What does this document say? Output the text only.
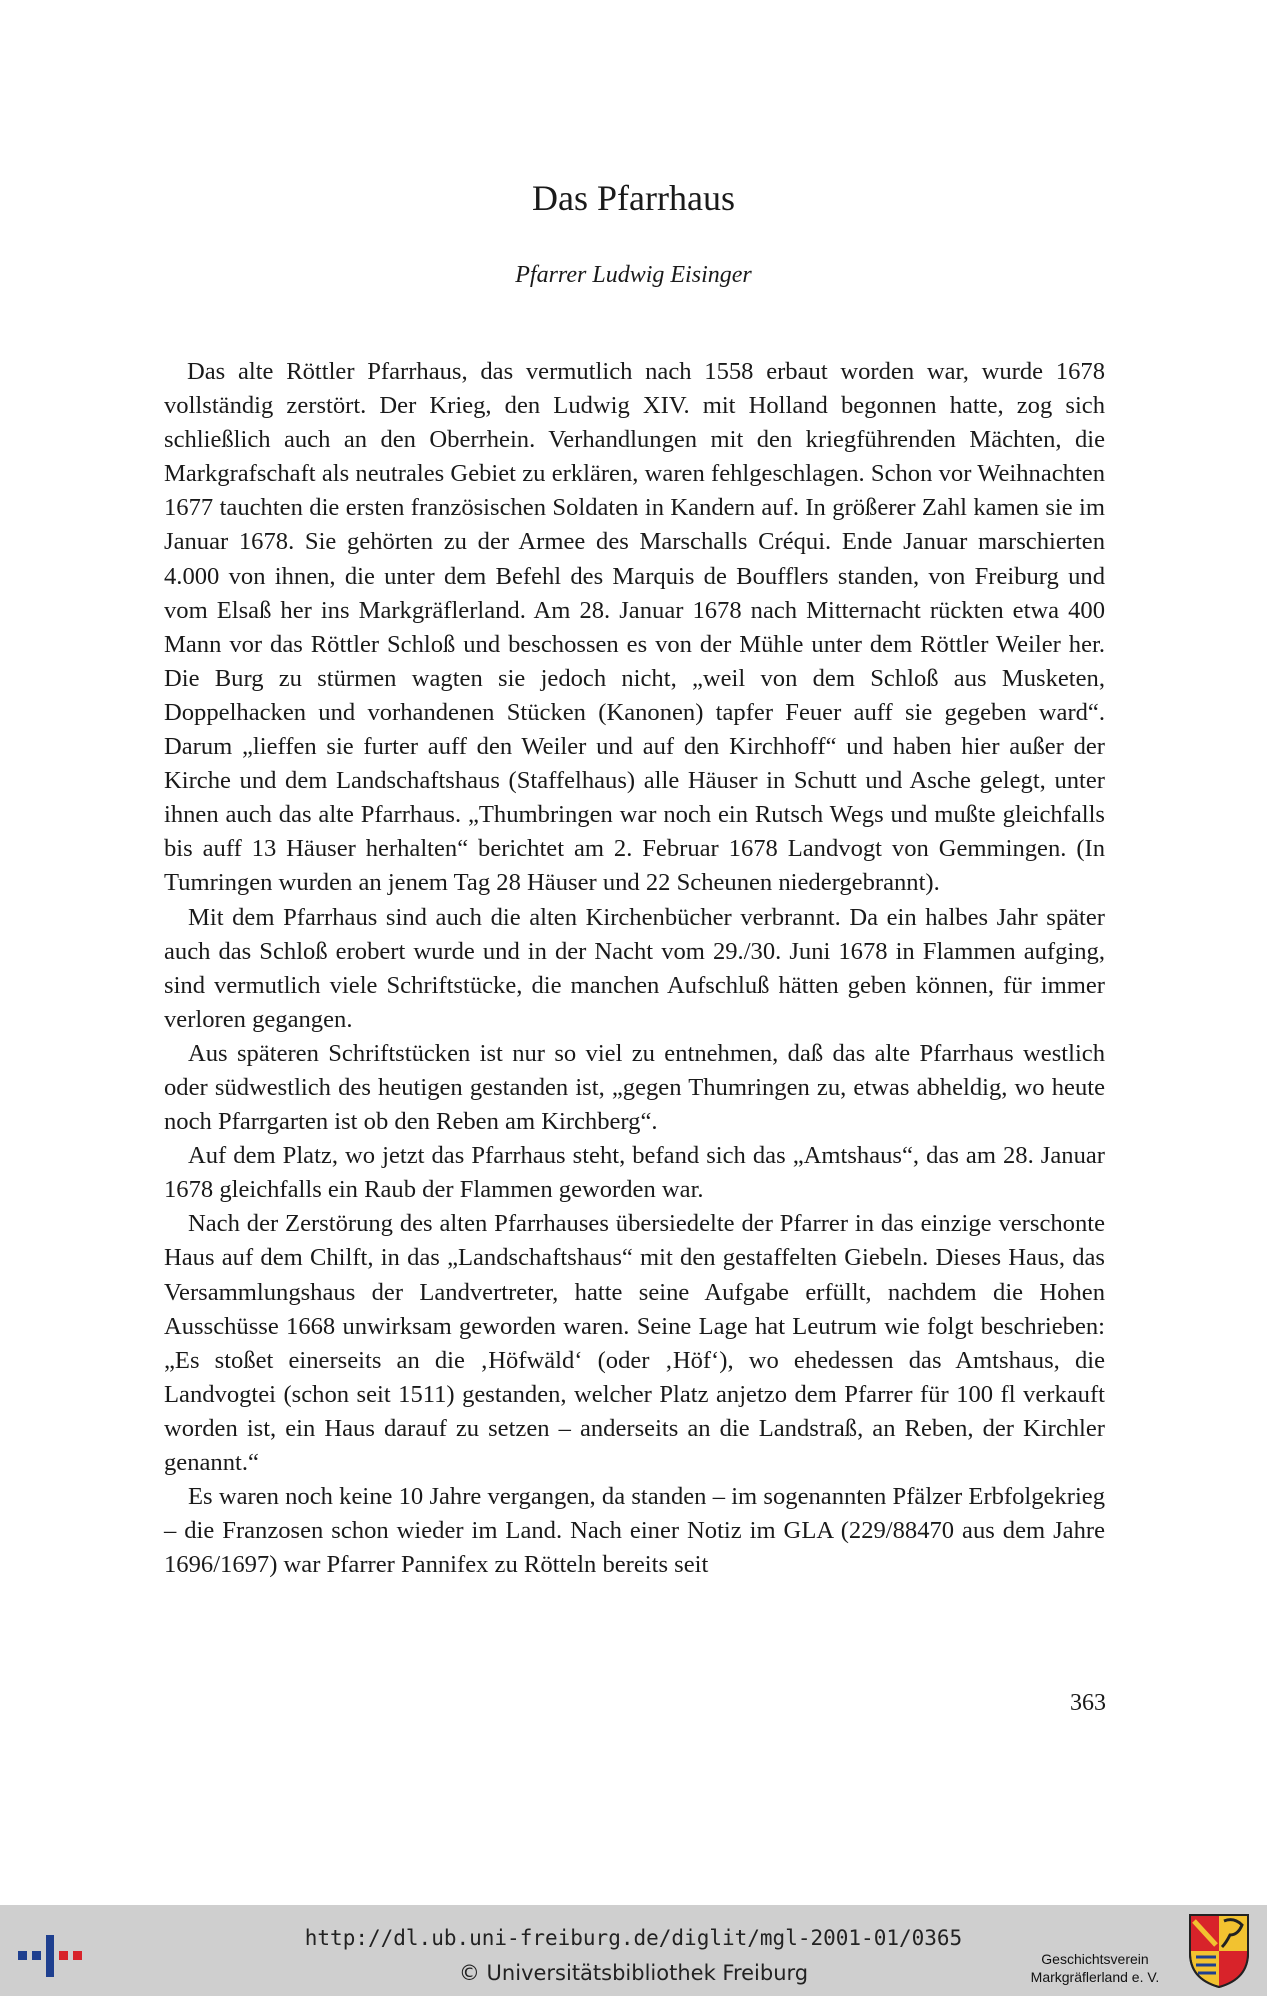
Das Pfarrhaus
Pfarrer Ludwig Eisinger

Das alte Röttler Pfarrhaus, das vermutlich nach 1558 erbaut worden war, wurde 1678 vollständig zerstört. Der Krieg, den Ludwig XIV. mit Holland begonnen hatte, zog sich schließlich auch an den Oberrhein. Verhandlungen mit den kriegführenden Mächten, die Markgrafschaft als neutrales Gebiet zu erklären, waren fehlgeschlagen. Schon vor Weihnachten 1677 tauchten die ersten französischen Soldaten in Kandern auf. In größerer Zahl kamen sie im Januar 1678. Sie gehörten zu der Armee des Marschalls Créqui. Ende Januar marschierten 4.000 von ihnen, die unter dem Befehl des Marquis de Boufflers standen, von Freiburg und vom Elsaß her ins Markgräflerland. Am 28. Januar 1678 nach Mitternacht rückten etwa 400 Mann vor das Röttler Schloß und beschossen es von der Mühle unter dem Röttler Weiler her. Die Burg zu stürmen wagten sie jedoch nicht, „weil von dem Schloß aus Musketen, Doppelhacken und vorhandenen Stücken (Kanonen) tapfer Feuer auff sie gegeben ward“. Darum „lieffen sie furter auff den Weiler und auf den Kirchhoff“ und haben hier außer der Kirche und dem Landschaftshaus (Staffelhaus) alle Häuser in Schutt und Asche gelegt, unter ihnen auch das alte Pfarrhaus. „Thumbringen war noch ein Rutsch Wegs und mußte gleichfalls bis auff 13 Häuser herhalten“ berichtet am 2. Februar 1678 Landvogt von Gemmingen. (In Tumringen wurden an jenem Tag 28 Häuser und 22 Scheunen niedergebrannt).

Mit dem Pfarrhaus sind auch die alten Kirchenbücher verbrannt. Da ein halbes Jahr später auch das Schloß erobert wurde und in der Nacht vom 29./30. Juni 1678 in Flammen aufging, sind vermutlich viele Schriftstücke, die manchen Aufschluß hätten geben können, für immer verloren gegangen.

Aus späteren Schriftstücken ist nur so viel zu entnehmen, daß das alte Pfarrhaus westlich oder südwestlich des heutigen gestanden ist, „gegen Thumringen zu, etwas abheldig, wo heute noch Pfarrgarten ist ob den Reben am Kirchberg“.

Auf dem Platz, wo jetzt das Pfarrhaus steht, befand sich das „Amtshaus“, das am 28. Januar 1678 gleichfalls ein Raub der Flammen geworden war.

Nach der Zerstörung des alten Pfarrhauses übersiedelte der Pfarrer in das einzige verschonte Haus auf dem Chilft, in das „Landschaftshaus“ mit den gestaffelten Giebeln. Dieses Haus, das Versammlungshaus der Landvertreter, hatte seine Aufgabe erfüllt, nachdem die Hohen Ausschüsse 1668 unwirksam geworden waren. Seine Lage hat Leutrum wie folgt beschrieben: „Es stoßet einerseits an die ‚Höfwäld‘ (oder ‚Höf‘), wo ehedessen das Amtshaus, die Landvogtei (schon seit 1511) gestanden, welcher Platz anjetzo dem Pfarrer für 100 fl verkauft worden ist, ein Haus darauf zu setzen – anderseits an die Landstraß, an Reben, der Kirchler genannt.“

Es waren noch keine 10 Jahre vergangen, da standen – im sogenannten Pfälzer Erbfolgekrieg – die Franzosen schon wieder im Land. Nach einer Notiz im GLA (229/88470 aus dem Jahre 1696/1697) war Pfarrer Pannifex zu Rötteln bereits seit

363
http://dl.ub.uni-freiburg.de/diglit/mgl-2001-01/0365
© Universitätsbibliothek Freiburg
Geschichtsverein
Markgräflerland e. V.
